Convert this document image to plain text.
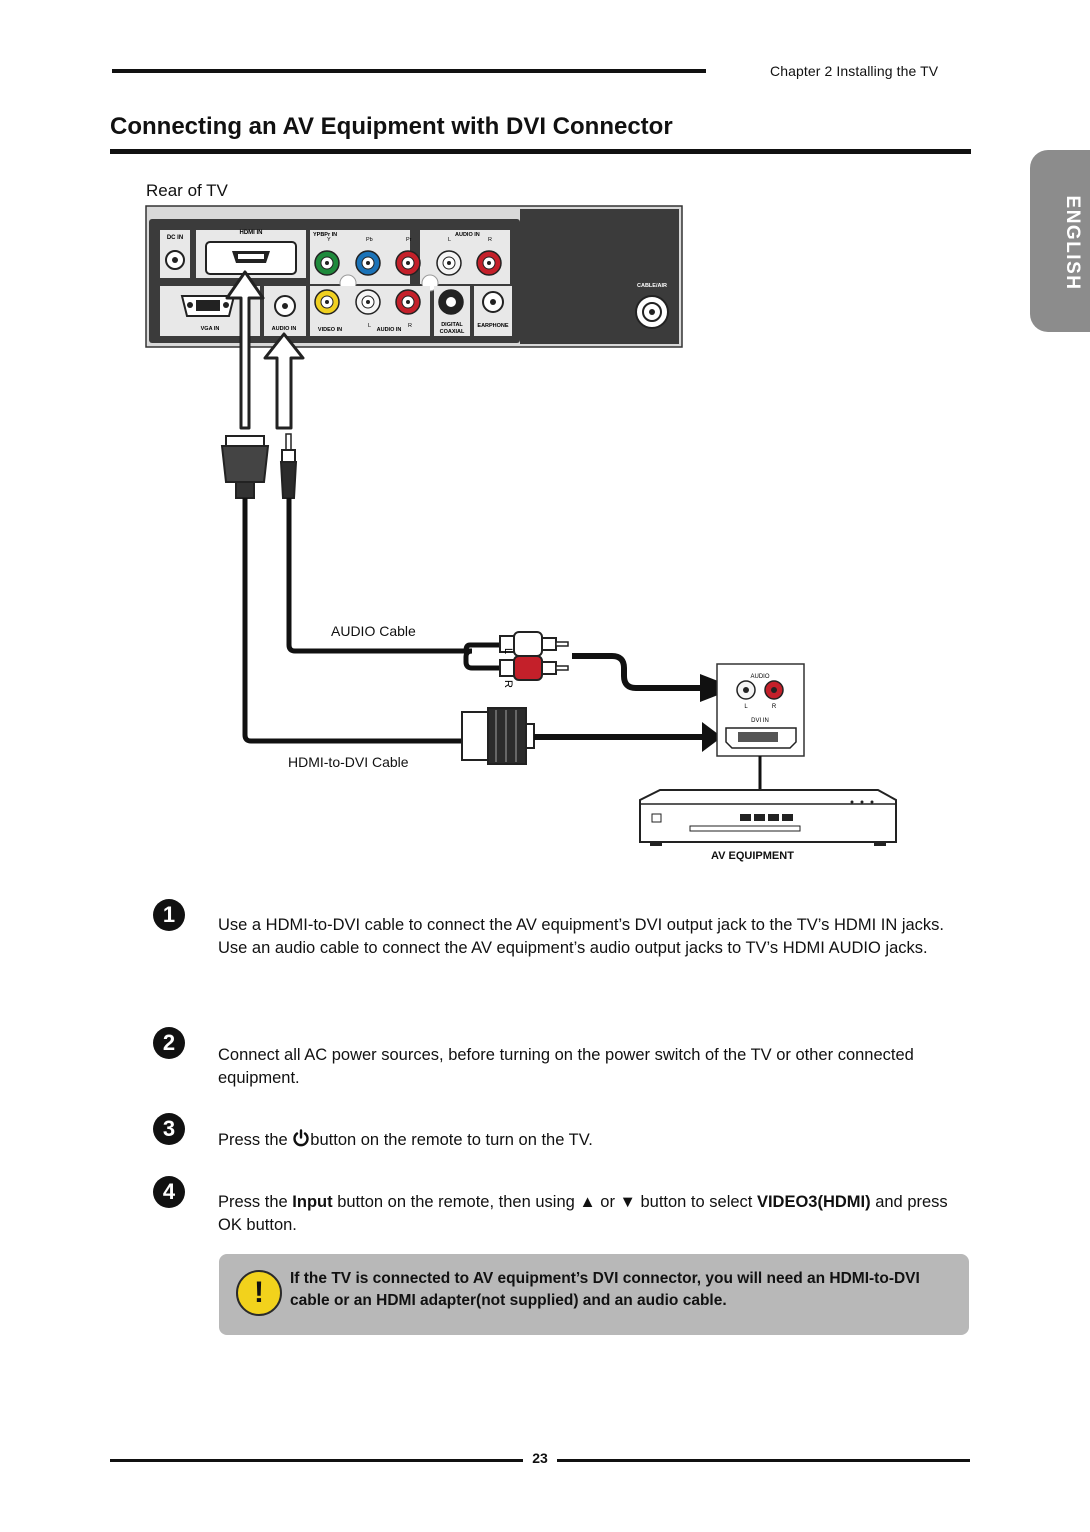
Chapter 2 Installing the TV
Connecting an AV Equipment with DVI Connector
ENGLISH
Rear of TV
DC IN
HDMI IN	YPBPr IN
Y	Pb	Pr
AUDIO IN
L	R
VGA IN	AUDIO IN	VIDEO IN
L
AUDIO IN
R	DIGITAL
COAXIAL
EARPHONE
CABLE/AIR
L
R
AUDIO
L	R
DVI IN
AUDIO Cable
HDMI-to-DVI Cable
AV EQUIPMENT
1	Use a HDMI-to-DVI cable to connect the AV equipment’s DVI output jack to the TV’s HDMI IN jacks.

Use an audio cable to connect the AV equipment’s audio output jacks to TV’s HDMI AUDIO jacks.

2	Connect all AC power sources, before turning on the power switch of the TV or other connected equipment.

3	Press the button on the remote to turn on the TV.
4	Press the Input button on the remote, then using ▲ or ▼ button to select VIDEO3(HDMI) and press OK button.
!	If the TV is connected to AV equipment’s DVI connector, you will need an HDMI-to-DVI cable or an HDMI adapter(not supplied) and an audio cable.
23
